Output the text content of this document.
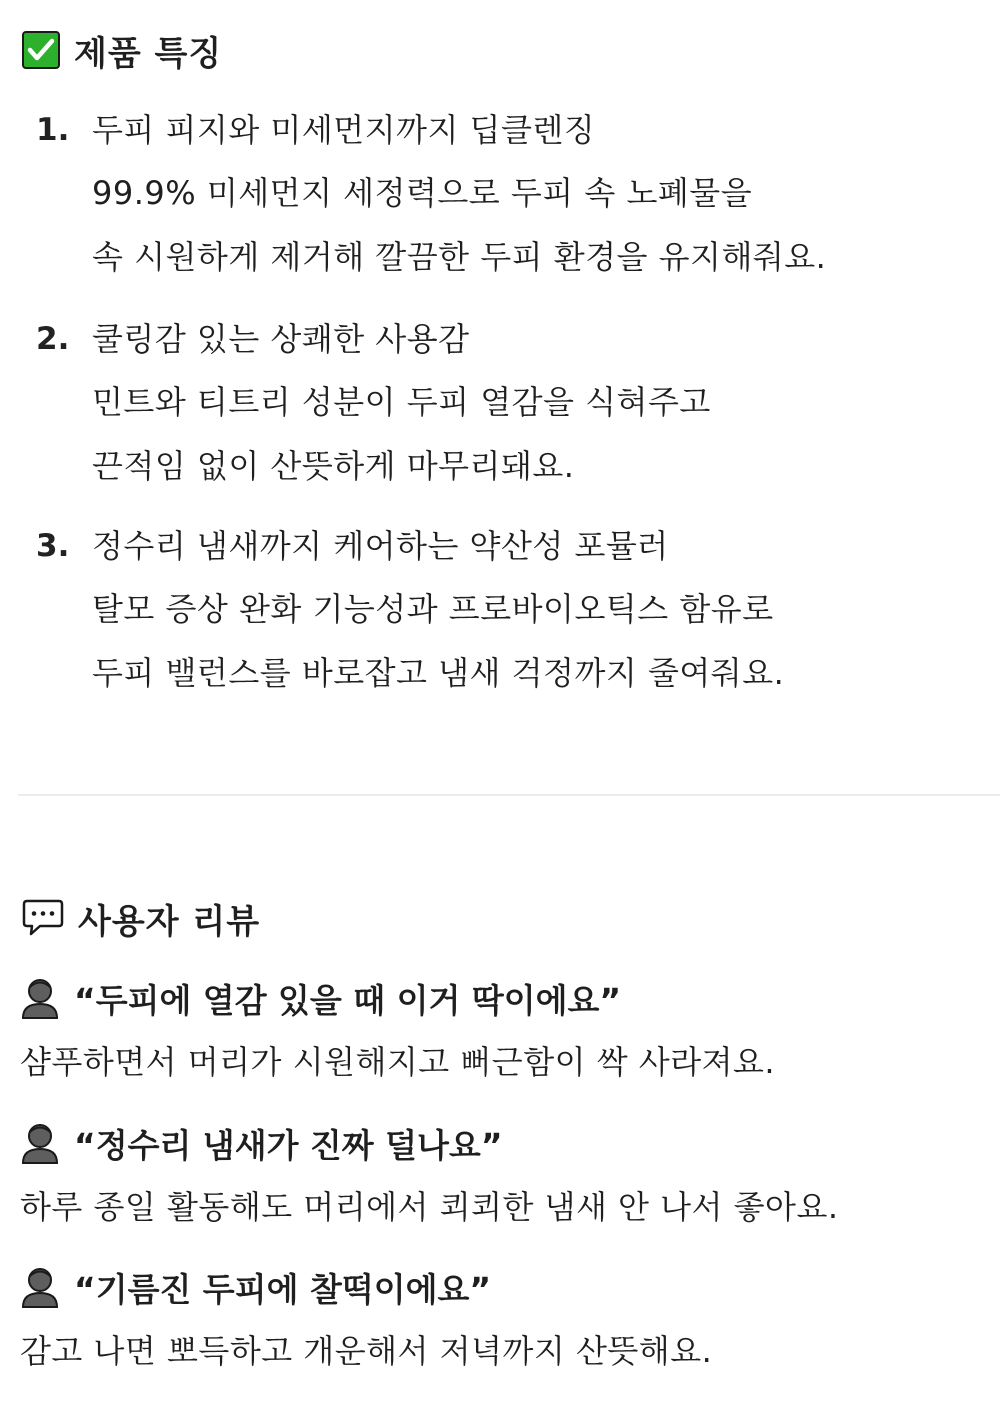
제품 특징
1. 두피 피지와 미세먼지까지 딥클렌징
99.9% 미세먼지 세정력으로 두피 속 노폐물을
속 시원하게 제거해 깔끔한 두피 환경을 유지해줘요.
2. 쿨링감 있는 상쾌한 사용감
민트와 티트리 성분이 두피 열감을 식혀주고
끈적임 없이 산뜻하게 마무리돼요.
3. 정수리 냄새까지 케어하는 약산성 포뮬러
탈모 증상 완화 기능성과 프로바이오틱스 함유로
두피 밸런스를 바로잡고 냄새 걱정까지 줄여줘요.
사용자 리뷰
“두피에 열감 있을 때 이거 딱이에요”
샴푸하면서 머리가 시원해지고 뻐근함이 싹 사라져요.
“정수리 냄새가 진짜 덜나요”
하루 종일 활동해도 머리에서 쾨쾨한 냄새 안 나서 좋아요.
“기름진 두피에 찰떡이에요”
감고 나면 뽀득하고 개운해서 저녁까지 산뜻해요.
